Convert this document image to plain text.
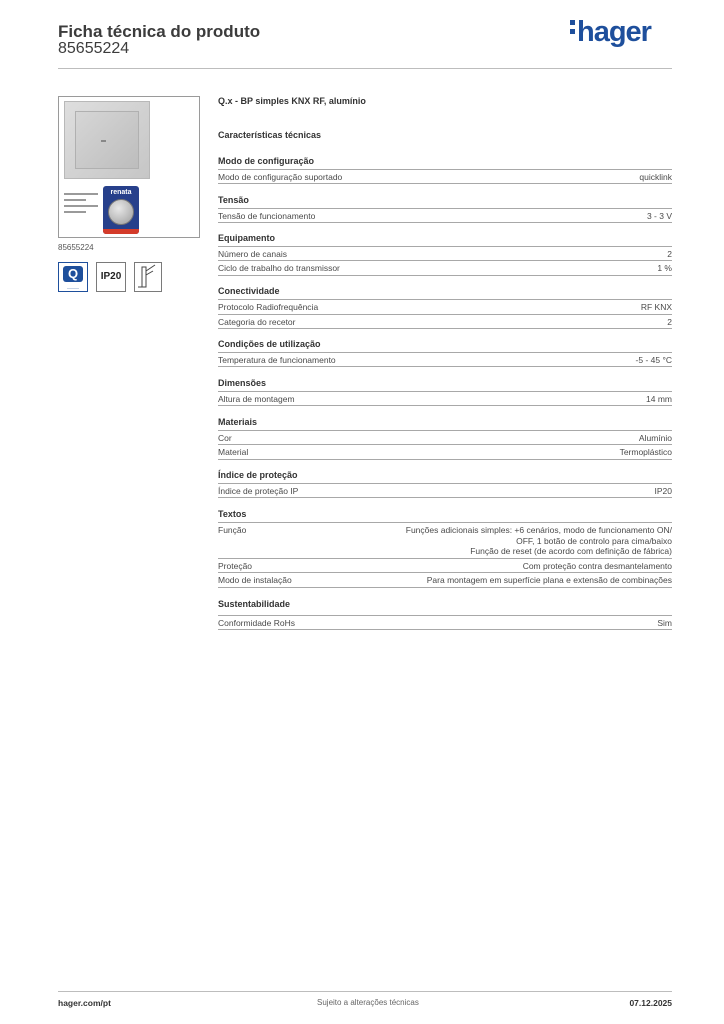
Ficha técnica do produto
85655224
hager
renata
85655224
Q
———
IP20
Q.x - BP simples KNX RF, alumínio
Características técnicas
Modo de configuração
Modo de configuração suportado	quicklink
Tensão
Tensão de funcionamento	3 - 3 V
Equipamento
Número de canais	2
Ciclo de trabalho do transmissor	1 %
Conectividade
Protocolo Radiofrequência	RF KNX
Categoria do recetor	2
Condições de utilização
Temperatura de funcionamento	-5 - 45 °C
Dimensões
Altura de montagem	14 mm
Materiais
Cor	Alumínio
Material	Termoplástico
Índice de proteção
Índice de proteção IP	IP20
Textos
Função	Funções adicionais simples: +6 cenários, modo de funcionamento ON/
OFF, 1 botão de controlo para cima/baixo
Função de reset (de acordo com definição de fábrica)
Proteção	Com proteção contra desmantelamento
Modo de instalação	Para montagem em superfície plana e extensão de combinações
Sustentabilidade
Conformidade RoHs	Sim
hager.com/pt	Sujeito a alterações técnicas	07.12.2025
